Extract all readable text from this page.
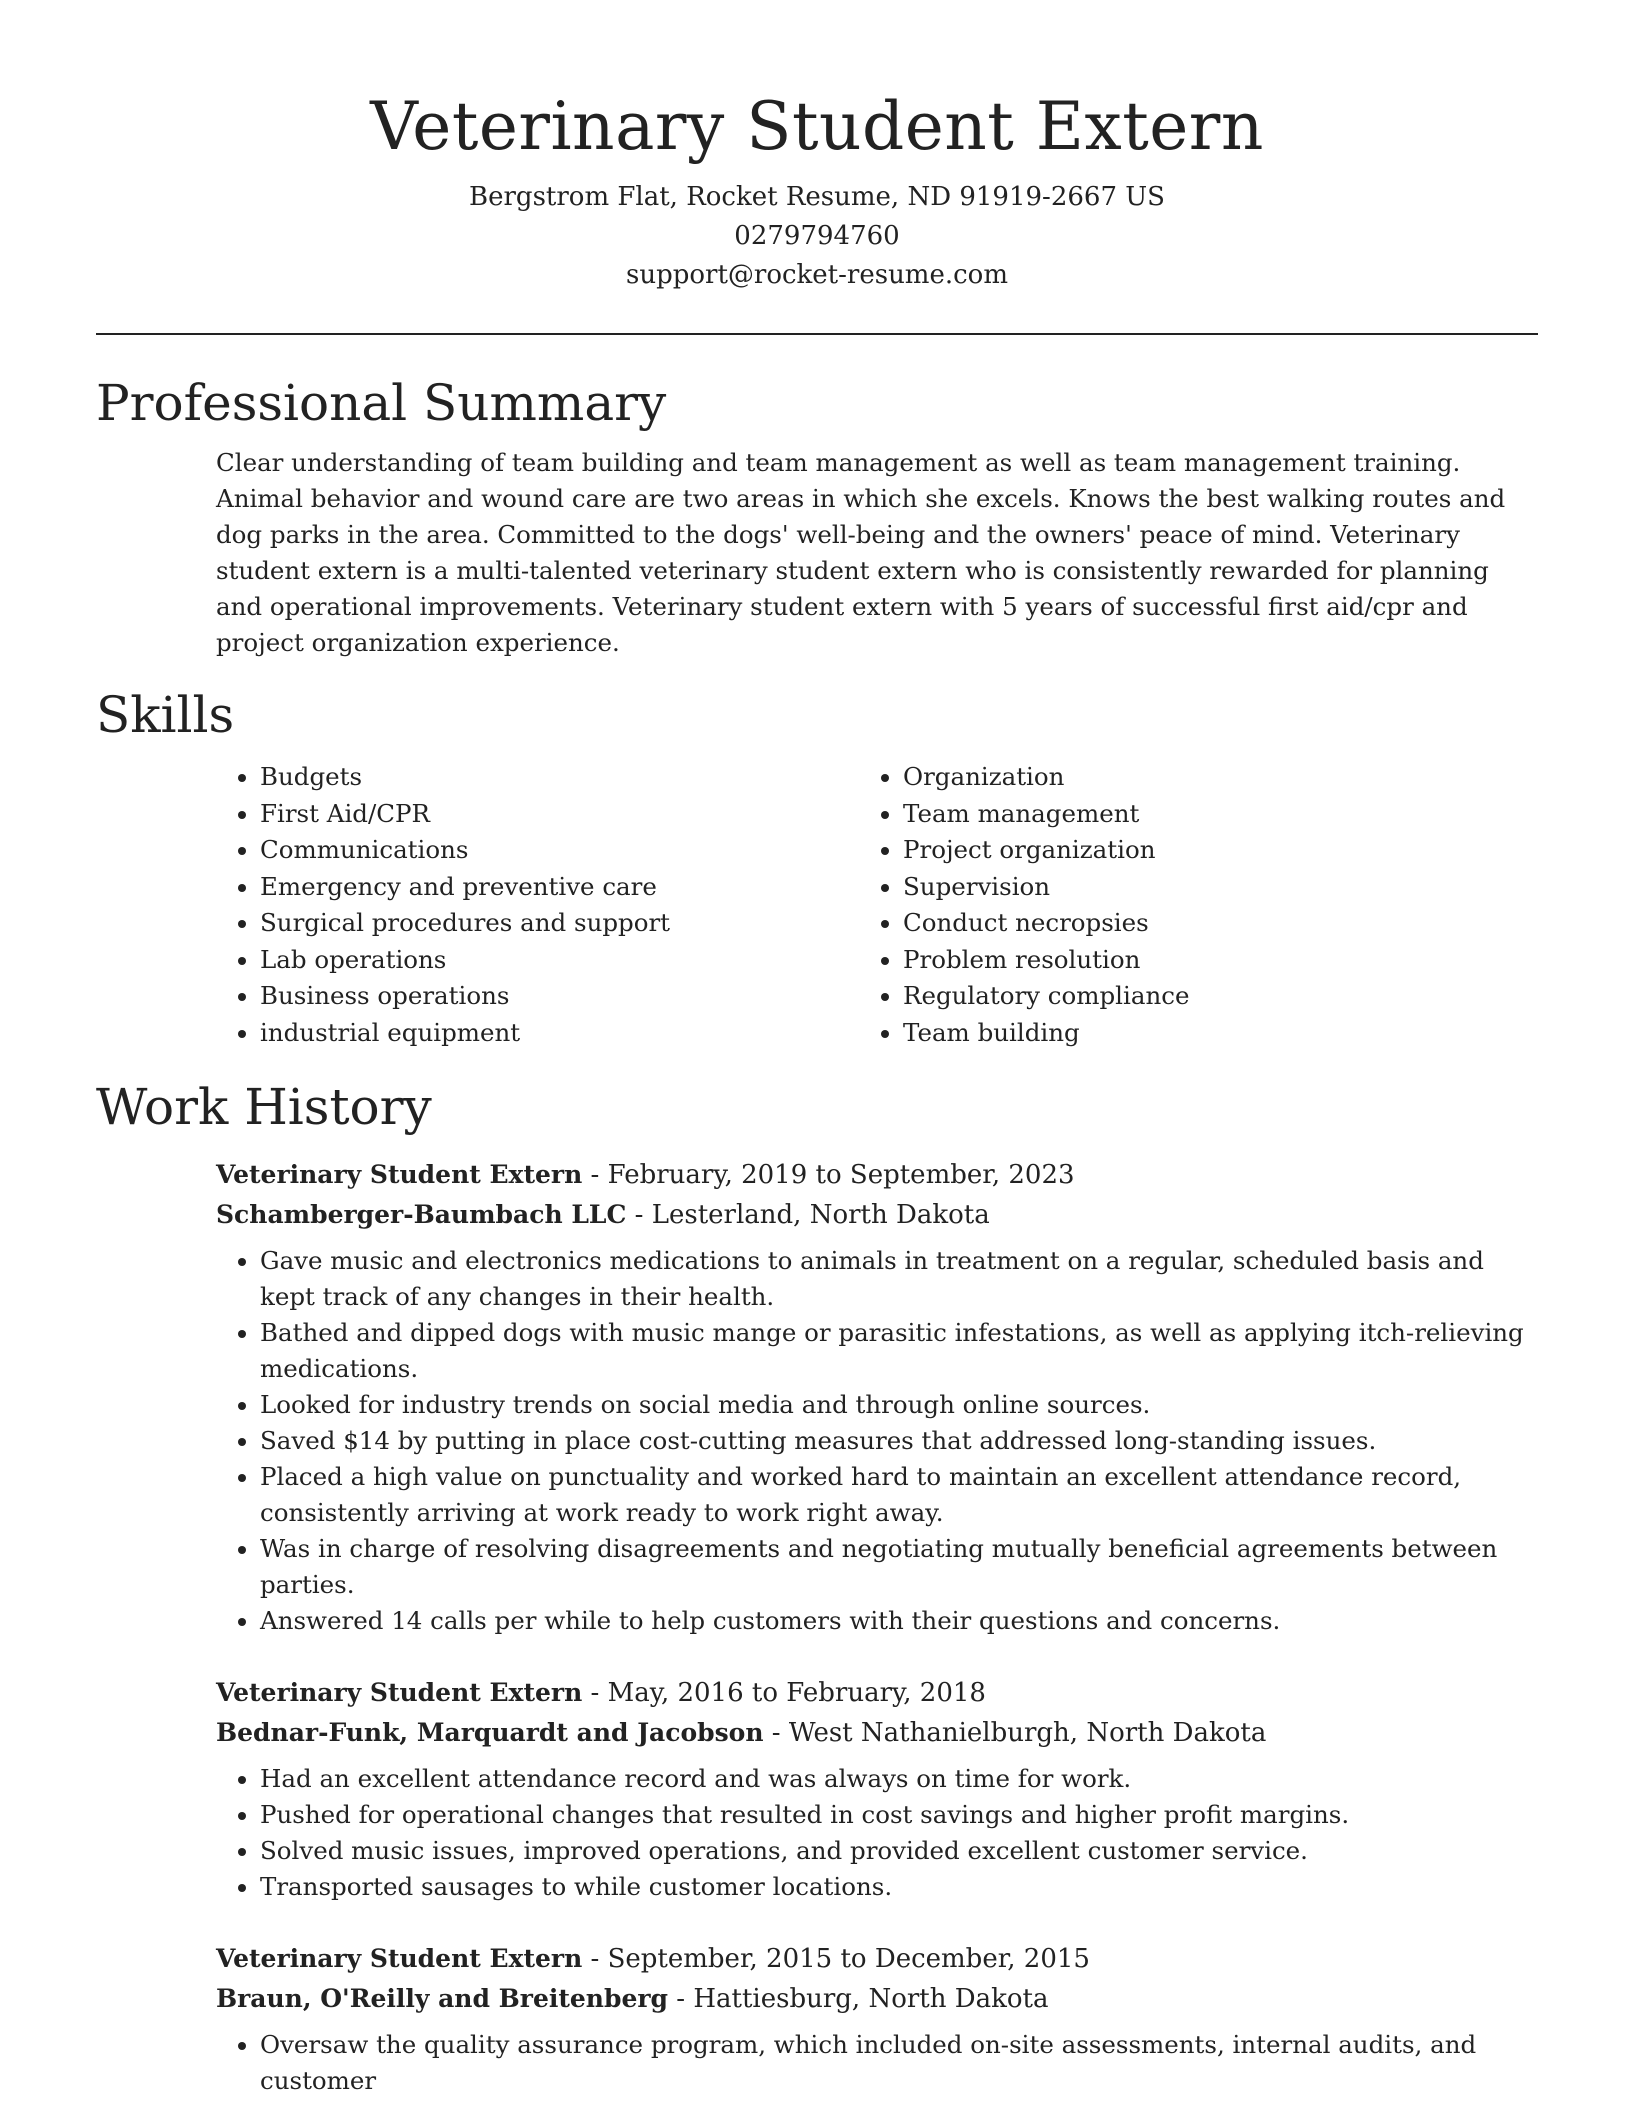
Veterinary Student Extern
Bergstrom Flat, Rocket Resume, ND 91919-2667 US
0279794760
support@rocket-resume.com
Professional Summary

Clear understanding of team building and team management as well as team management training. Animal behavior and wound care are two areas in which she excels. Knows the best walking routes and dog parks in the area. Committed to the dogs' well-being and the owners' peace of mind. Veterinary student extern is a multi-talented veterinary student extern who is consistently rewarded for planning and operational improvements. Veterinary student extern with 5 years of successful first aid/cpr and project organization experience.

Skills
• Budgets
• First Aid/CPR
• Communications
• Emergency and preventive care
• Surgical procedures and support
• Lab operations
• Business operations
• industrial equipment
• Organization
• Team management
• Project organization
• Supervision
• Conduct necropsies
• Problem resolution
• Regulatory compliance
• Team building
Work History
Veterinary Student Extern - February, 2019 to September, 2023
Schamberger-Baumbach LLC - Lesterland, North Dakota
• Gave music and electronics medications to animals in treatment on a regular, scheduled basis and kept track of any changes in their health.
• Bathed and dipped dogs with music mange or parasitic infestations, as well as applying itch-relieving medications.
• Looked for industry trends on social media and through online sources.
• Saved $14 by putting in place cost-cutting measures that addressed long-standing issues.
• Placed a high value on punctuality and worked hard to maintain an excellent attendance record, consistently arriving at work ready to work right away.
• Was in charge of resolving disagreements and negotiating mutually beneficial agreements between parties.
• Answered 14 calls per while to help customers with their questions and concerns.
Veterinary Student Extern - May, 2016 to February, 2018
Bednar-Funk, Marquardt and Jacobson - West Nathanielburgh, North Dakota
• Had an excellent attendance record and was always on time for work.
• Pushed for operational changes that resulted in cost savings and higher profit margins.
• Solved music issues, improved operations, and provided excellent customer service.
• Transported sausages to while customer locations.
Veterinary Student Extern - September, 2015 to December, 2015
Braun, O'Reilly and Breitenberg - Hattiesburg, North Dakota
• Oversaw the quality assurance program, which included on-site assessments, internal audits, and customer
